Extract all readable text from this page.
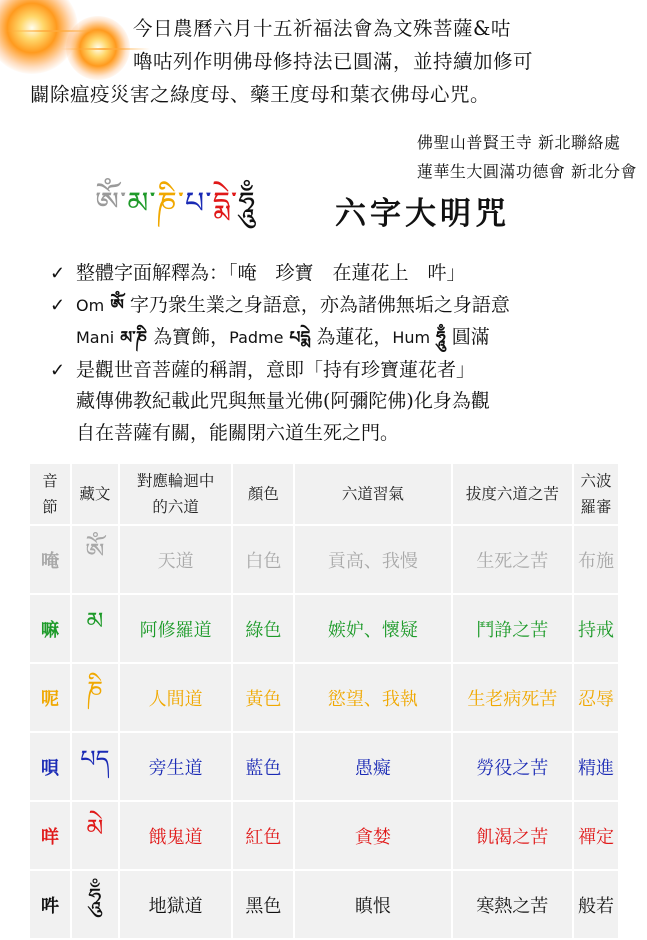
今日農曆六月十五祈福法會為文殊菩薩&咕
嚕咕列作明佛母修持法已圓滿，並持續加修可
闢除瘟疫災害之綠度母、藥王度母和葉衣佛母心咒。
佛聖山普賢王寺 新北聯絡處
蓮華生大圓滿功德會 新北分會
ཨོཾ་མ་ཎི་པ་དྨེ་ཧཱུྃ	六字大明咒
✓ 整體字面解釋為：「唵　珍寶　在蓮花上　吽」
✓ Om ཨོཾ 字乃衆生業之身語意，亦為諸佛無垢之身語意
Mani མ་ཎི 為寶飾，Padme པདྨེ 為蓮花，Hum ཧཱུྃ 圓滿
✓ 是觀世音菩薩的稱謂，意即「持有珍寶蓮花者」
藏傳佛教紀載此咒與無量光佛(阿彌陀佛)化身為觀
自在菩薩有關，能關閉六道生死之門。
音節	藏文	對應輪迴中的六道	顏色	六道習氣	拔度六道之苦	六波羅審
唵	ཨོཾ	天道	白色	貢高、我慢	生死之苦	布施
嘛	མ	阿修羅道	綠色	嫉妒、懷疑	鬥諍之苦	持戒
呢	ཎི	人間道	黃色	慾望、我執	生老病死苦	忍辱
唄	པད	旁生道	藍色	愚癡	勞役之苦	精進
咩	མེ	餓鬼道	紅色	貪婪	飢渴之苦	禪定
吽	ཧཱུྃ	地獄道	黑色	瞋恨	寒熱之苦	般若
